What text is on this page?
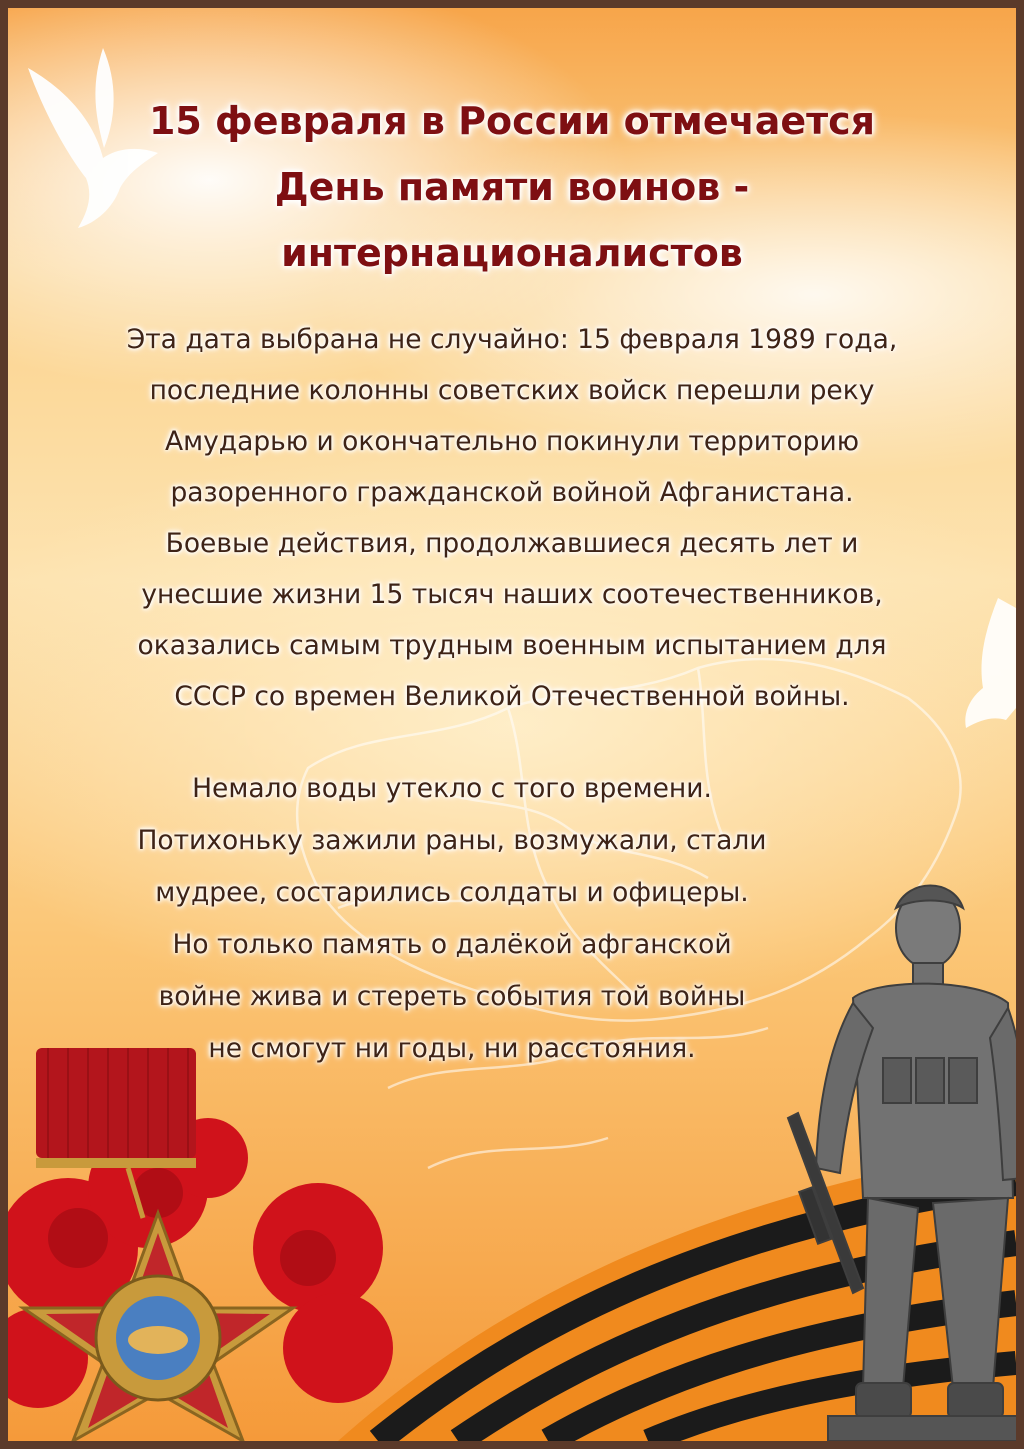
15 февраля в России отмечается
День памяти воинов -
интернационалистов

Эта дата выбрана не случайно: 15 февраля 1989 года,
последние колонны советских войск перешли реку
Амударью и окончательно покинули территорию
разоренного гражданской войной Афганистана.
Боевые действия, продолжавшиеся десять лет и
унесшие жизни 15 тысяч наших соотечественников,
оказались самым трудным военным испытанием для
СССР со времен Великой Отечественной войны.

Немало воды утекло с того времени.
Потихоньку зажили раны, возмужали, стали
мудрее, состарились солдаты и офицеры.
Но только память о далёкой афганской
войне жива и стереть события той войны
не смогут ни годы, ни расстояния.
